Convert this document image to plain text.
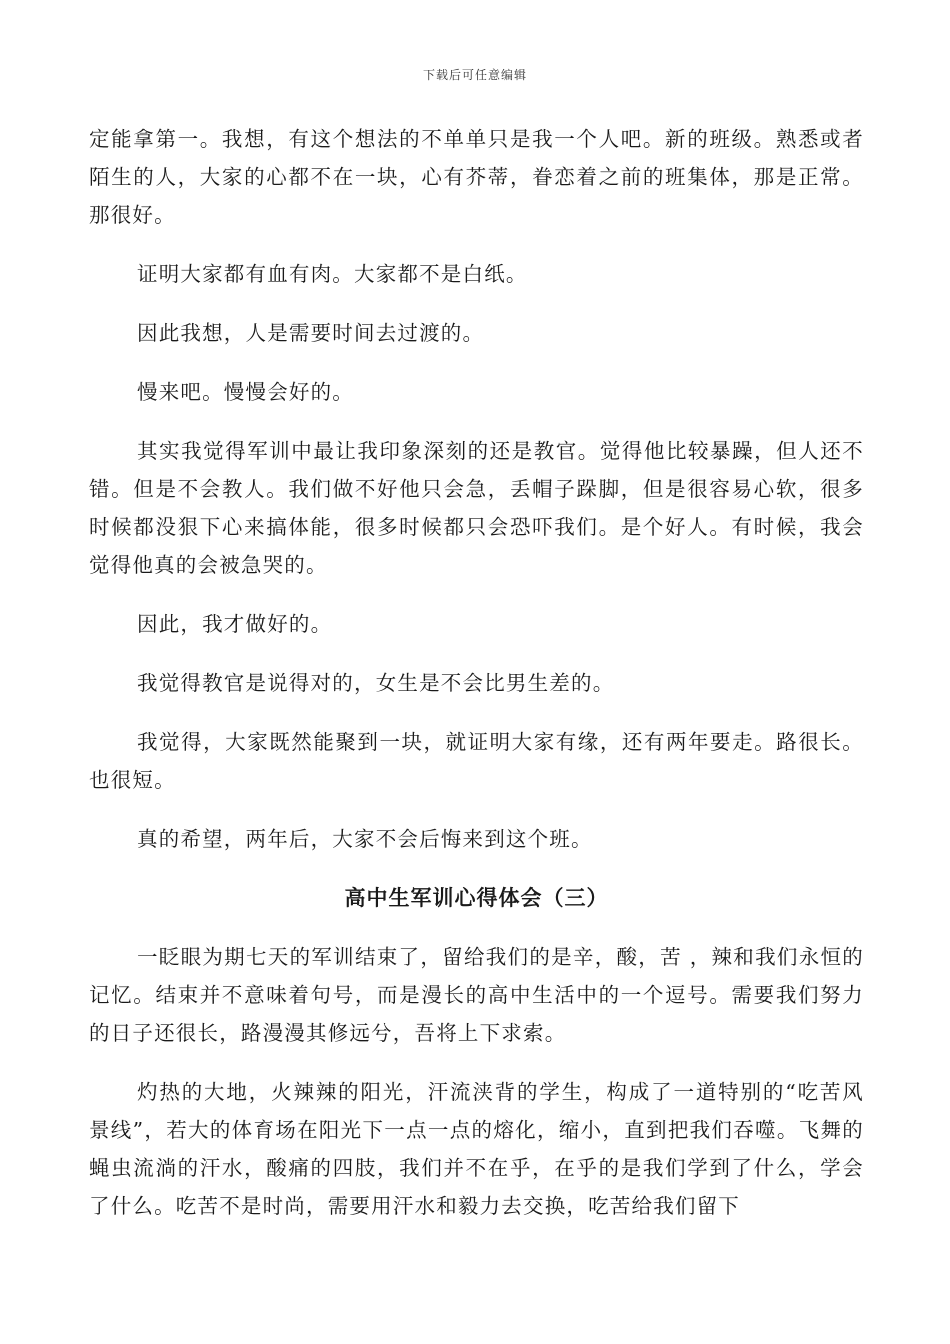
下载后可任意编辑

定能拿第一。我想，有这个想法的不单单只是我一个人吧。新的班级。熟悉或者陌生的人，大家的心都不在一块，心有芥蒂，眷恋着之前的班集体，那是正常。那很好。

证明大家都有血有肉。大家都不是白纸。

因此我想，人是需要时间去过渡的。

慢来吧。慢慢会好的。

其实我觉得军训中最让我印象深刻的还是教官。觉得他比较暴躁，但人还不错。但是不会教人。我们做不好他只会急，丢帽子跺脚，但是很容易心软，很多时候都没狠下心来搞体能，很多时候都只会恐吓我们。是个好人。有时候，我会觉得他真的会被急哭的。

因此，我才做好的。

我觉得教官是说得对的，女生是不会比男生差的。

我觉得，大家既然能聚到一块，就证明大家有缘，还有两年要走。路很长。也很短。

真的希望，两年后，大家不会后悔来到这个班。

高中生军训心得体会（三）

一眨眼为期七天的军训结束了，留给我们的是辛，酸，苦 ，辣和我们永恒的记忆。结束并不意味着句号，而是漫长的高中生活中的一个逗号。需要我们努力的日子还很长，路漫漫其修远兮，吾将上下求索。

灼热的大地，火辣辣的阳光，汗流浃背的学生，构成了一道特别的“吃苦风景线”，若大的体育场在阳光下一点一点的熔化，缩小，直到把我们吞噬。飞舞的蝇虫流淌的汗水，酸痛的四肢，我们并不在乎，在乎的是我们学到了什么，学会了什么。吃苦不是时尚，需要用汗水和毅力去交换，吃苦给我们留下
